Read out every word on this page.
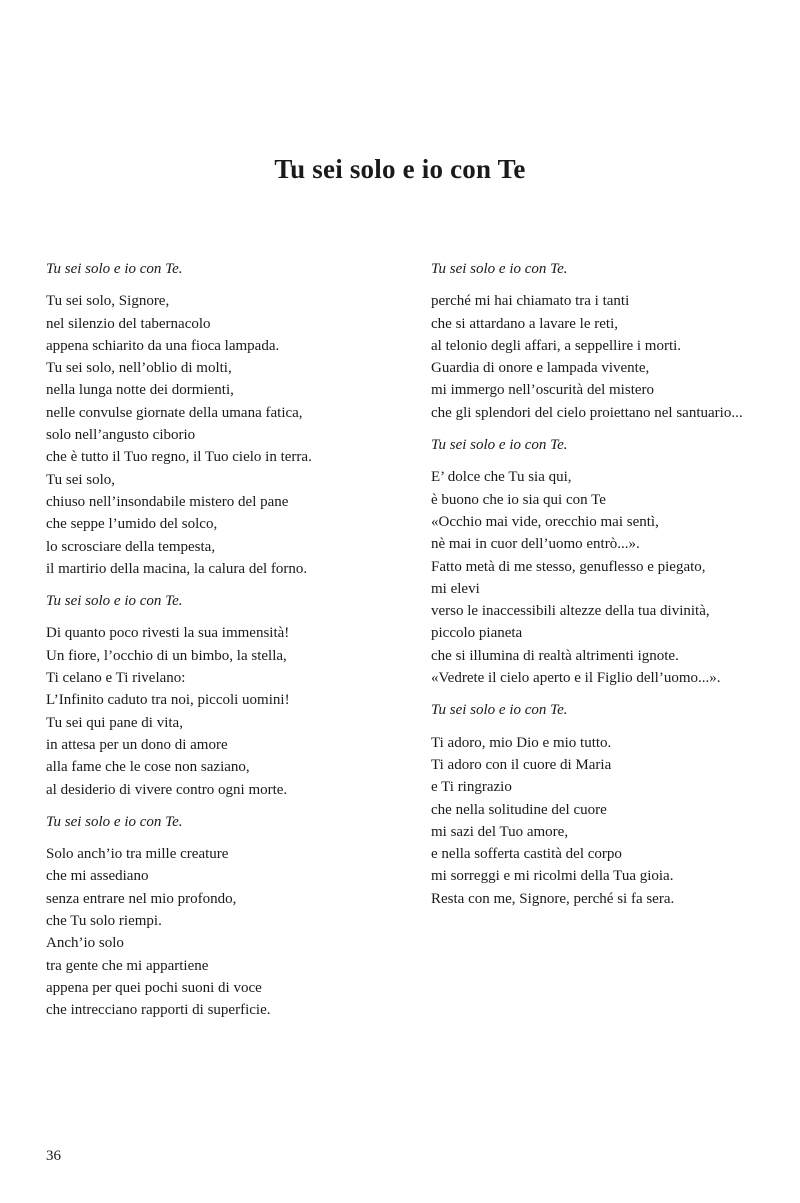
Tu sei solo e io con Te
Tu sei solo e io con Te.
Tu sei solo, Signore,
nel silenzio del tabernacolo
appena schiarito da una fioca lampada.
Tu sei solo, nell’oblio di molti,
nella lunga notte dei dormienti,
nelle convulse giornate della umana fatica,
solo nell’angusto ciborio
che è tutto il Tuo regno, il Tuo cielo in terra.
Tu sei solo,
chiuso nell’insondabile mistero del pane
che seppe l’umido del solco,
lo scrosciare della tempesta,
il martirio della macina, la calura del forno.
Tu sei solo e io con Te.
Di quanto poco rivesti la sua immensità!
Un fiore, l’occhio di un bimbo, la stella,
Ti celano e Ti rivelano:
L’Infinito caduto tra noi, piccoli uomini!
Tu sei qui pane di vita,
in attesa per un dono di amore
alla fame che le cose non saziano,
al desiderio di vivere contro ogni morte.
Tu sei solo e io con Te.
Solo anch’io tra mille creature
che mi assediano
senza entrare nel mio profondo,
che Tu solo riempi.
Anch’io solo
tra gente che mi appartiene
appena per quei pochi suoni di voce
che intrecciano rapporti di superficie.
Tu sei solo e io con Te.
perché mi hai chiamato tra i tanti
che si attardano a lavare le reti,
al telonio degli affari, a seppellire i morti.
Guardia di onore e lampada vivente,
mi immergo nell’oscurità del mistero
che gli splendori del cielo proiettano nel santuario...
Tu sei solo e io con Te.
E’ dolce che Tu sia qui,
è buono che io sia qui con Te
«Occhio mai vide, orecchio mai sentì,
nè mai in cuor dell’uomo entrò...».
Fatto metà di me stesso, genuflesso e piegato,
mi elevi
verso le inaccessibili altezze della tua divinità,
piccolo pianeta
che si illumina di realtà altrimenti ignote.
«Vedrete il cielo aperto e il Figlio dell’uomo...».
Tu sei solo e io con Te.
Ti adoro, mio Dio e mio tutto.
Ti adoro con il cuore di Maria
e Ti ringrazio
che nella solitudine del cuore
mi sazi del Tuo amore,
e nella sofferta castità del corpo
mi sorreggi e mi ricolmi della Tua gioia.
Resta con me, Signore, perché si fa sera.
36
